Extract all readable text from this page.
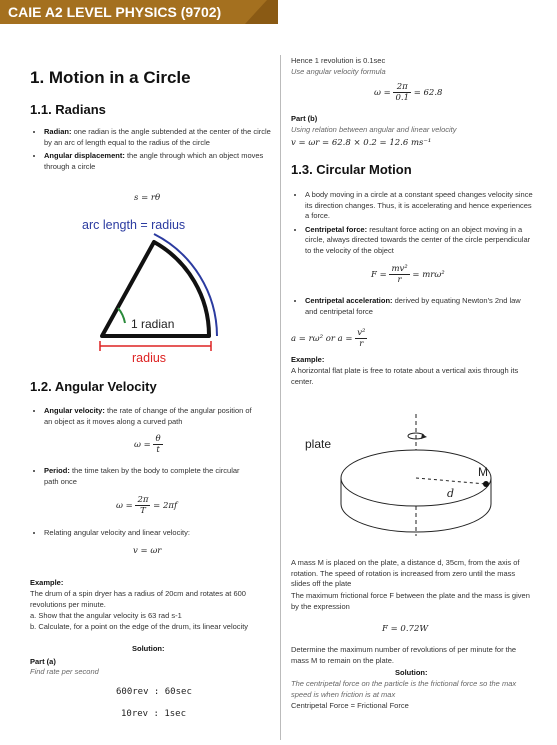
CAIE A2 LEVEL PHYSICS (9702)
1. Motion in a Circle
1.1. Radians
• Radian: one radian is the angle subtended at the center of the circle by an arc of length equal to the radius of the circle
• Angular displacement: the angle through which an object moves through a circle
s = rθ
arc length = radius
1 radian
radius
1.2. Angular Velocity
• Angular velocity: the rate of change of the angular position of an object as it moves along a curved path
$\omega = \frac{\theta}{t}$
• Period: the time taken by the body to complete the circular path once
$\omega = \frac{2\pi}{T} = 2\pi f$
• Relating angular velocity and linear velocity:
v = ωr
Example:
The drum of a spin dryer has a radius of 20cm and rotates at 600 revolutions per minute.
a. Show that the angular velocity is 63 rad s-1
b. Calculate, for a point on the edge of the drum, its linear velocity
Solution:
Part (a)
Find rate per second
600rev : 60sec
10rev : 1sec
Hence 1 revolution is 0.1sec
Use angular velocity formula
$\omega = \frac{2\pi}{0.1} = 62.8$
Part (b)
Using relation between angular and linear velocity
v = ωr = 62.8 × 0.2 = 12.6 ms⁻¹
1.3. Circular Motion
• A body moving in a circle at a constant speed changes velocity since its direction changes. Thus, it is accelerating and hence experiences a force.
• Centripetal force: resultant force acting on an object moving in a circle, always directed towards the center of the circle perpendicular to the velocity of the object
$F = \frac{\text{mv²}}{r} = mr\omega^2$
• Centripetal acceleration: derived by equating Newton's 2nd law and centripetal force
a = rω² or $a = \frac{\text{v²}}{r}$
Example:
A horizontal flat plate is free to rotate about a vertical axis through its center.
plate
M
d
A mass M is placed on the plate, a distance d, 35cm, from the axis of rotation. The speed of rotation is increased from zero until the mass slides off the plate
The maximum frictional force F between the plate and the mass is given by the expression
F = 0.72W
Determine the maximum number of revolutions of per minute for the mass M to remain on the plate.
Solution:
The centripetal force on the particle is the frictional force so the max speed is when friction is at max
Centripetal Force = Frictional Force
